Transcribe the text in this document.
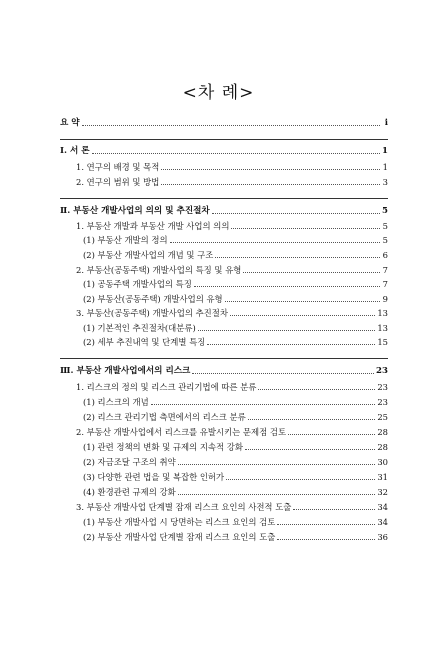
<차 례>
요 약	i
Ⅰ. 서 론	1
1. 연구의 배경 및 목적	1
2. 연구의 범위 및 방법	3
Ⅱ. 부동산 개발사업의 의의 및 추진절차	5
1. 부동산 개발과 부동산 개발 사업의 의의	5
(1) 부동산 개발의 정의	5
(2) 부동산 개발사업의 개념 및 구조	6
2. 부동산(공동주택) 개발사업의 특징 및 유형	7
(1) 공동주택 개발사업의 특징	7
(2) 부동산(공동주택) 개발사업의 유형	9
3. 부동산(공동주택) 개발사업의 추진절차	13
(1) 기본적인 추진절차(대분류)	13
(2) 세부 추진내역 및 단계별 특징	15
Ⅲ. 부동산 개발사업에서의 리스크	23
1. 리스크의 정의 및 리스크 관리기법에 따른 분류	23
(1) 리스크의 개념	23
(2) 리스크 관리기법 측면에서의 리스크 분류	25
2. 부동산 개발사업에서 리스크를 유발시키는 문제점 검토	28
(1) 관련 정책의 변화 및 규제의 지속적 강화	28
(2) 자금조달 구조의 취약	30
(3) 다양한 관련 법을 및 복잡한 인허가	31
(4) 환경관련 규제의 강화	32
3. 부동산 개발사업 단계별 잠재 리스크 요인의 사전적 도출	34
(1) 부동산 개발사업 시 당면하는 리스크 요인의 검토	34
(2) 부동산 개발사업 단계별 잠재 리스크 요인의 도출	36
